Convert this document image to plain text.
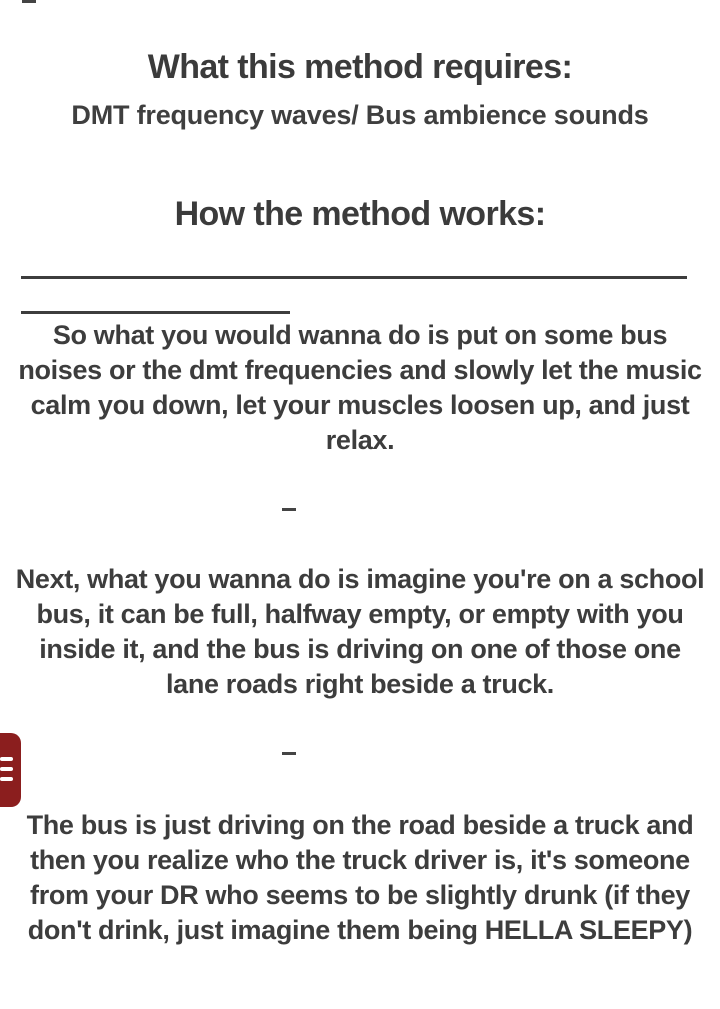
What this method requires:

DMT frequency waves/ Bus ambience sounds

How the method works:

So what you would wanna do is put on some bus noises or the dmt frequencies and slowly let the music calm you down, let your muscles loosen up, and just relax.

Next, what you wanna do is imagine you're on a school bus, it can be full, halfway empty, or empty with you inside it, and the bus is driving on one of those one lane roads right beside a truck.

The bus is just driving on the road beside a truck and then you realize who the truck driver is, it's someone from your DR who seems to be slightly drunk (if they don't drink, just imagine them being HELLA SLEEPY)
